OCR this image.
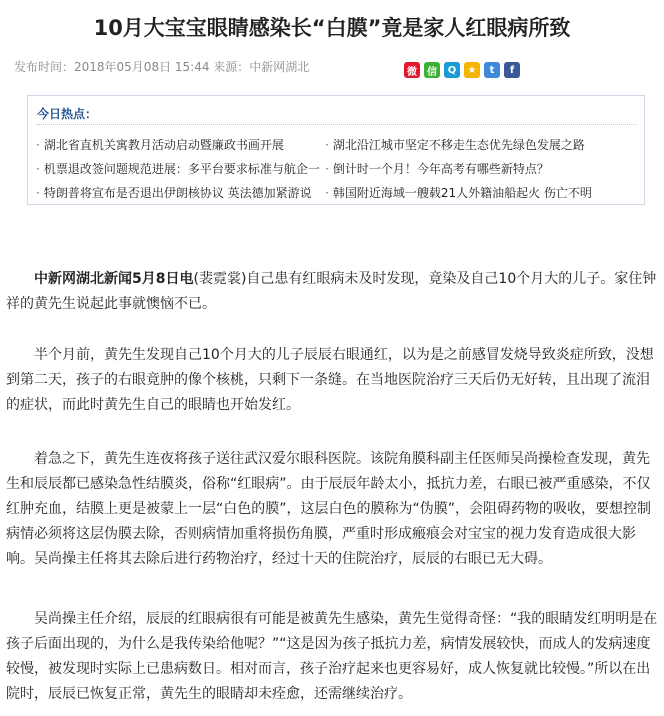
10月大宝宝眼睛感染长“白膜”竟是家人红眼病所致
发布时间：2018年05月08日 15:44 来源：中新网湖北	微	信	Q	★	t	f
今日热点：
· 湖北省直机关寓教月活动启动暨廉政书画开展	· 湖北沿江城市坚定不移走生态优先绿色发展之路
· 机票退改签问题规范进展：多平台要求标准与航企一 · 倒计时一个月！今年高考有哪些新特点？
· 特朗普将宣布是否退出伊朗核协议 英法德加紧游说 · 韩国附近海域一艘载21人外籍油船起火 伤亡不明

中新网湖北新闻5月8日电(裴霓裳)自己患有红眼病未及时发现，竟染及自己10个月大的儿子。家住钟祥的黄先生说起此事就懊恼不已。

半个月前，黄先生发现自己10个月大的儿子辰辰右眼通红，以为是之前感冒发烧导致炎症所致，没想到第二天，孩子的右眼竟肿的像个核桃，只剩下一条缝。在当地医院治疗三天后仍无好转，且出现了流泪的症状，而此时黄先生自己的眼睛也开始发红。

着急之下，黄先生连夜将孩子送往武汉爱尔眼科医院。该院角膜科副主任医师吴尚操检查发现，黄先生和辰辰都已感染急性结膜炎，俗称“红眼病”。由于辰辰年龄太小，抵抗力差，右眼已被严重感染，不仅红肿充血，结膜上更是被蒙上一层“白色的膜”，这层白色的膜称为“伪膜”，会阻碍药物的吸收，要想控制病情必须将这层伪膜去除，否则病情加重将损伤角膜，严重时形成瘢痕会对宝宝的视力发育造成很大影响。吴尚操主任将其去除后进行药物治疗，经过十天的住院治疗，辰辰的右眼已无大碍。

吴尚操主任介绍，辰辰的红眼病很有可能是被黄先生感染，黄先生觉得奇怪：“我的眼睛发红明明是在孩子后面出现的，为什么是我传染给他呢？”“这是因为孩子抵抗力差，病情发展较快，而成人的发病速度较慢，被发现时实际上已患病数日。相对而言，孩子治疗起来也更容易好，成人恢复就比较慢。”所以在出院时，辰辰已恢复正常，黄先生的眼睛却未痊愈，还需继续治疗。
